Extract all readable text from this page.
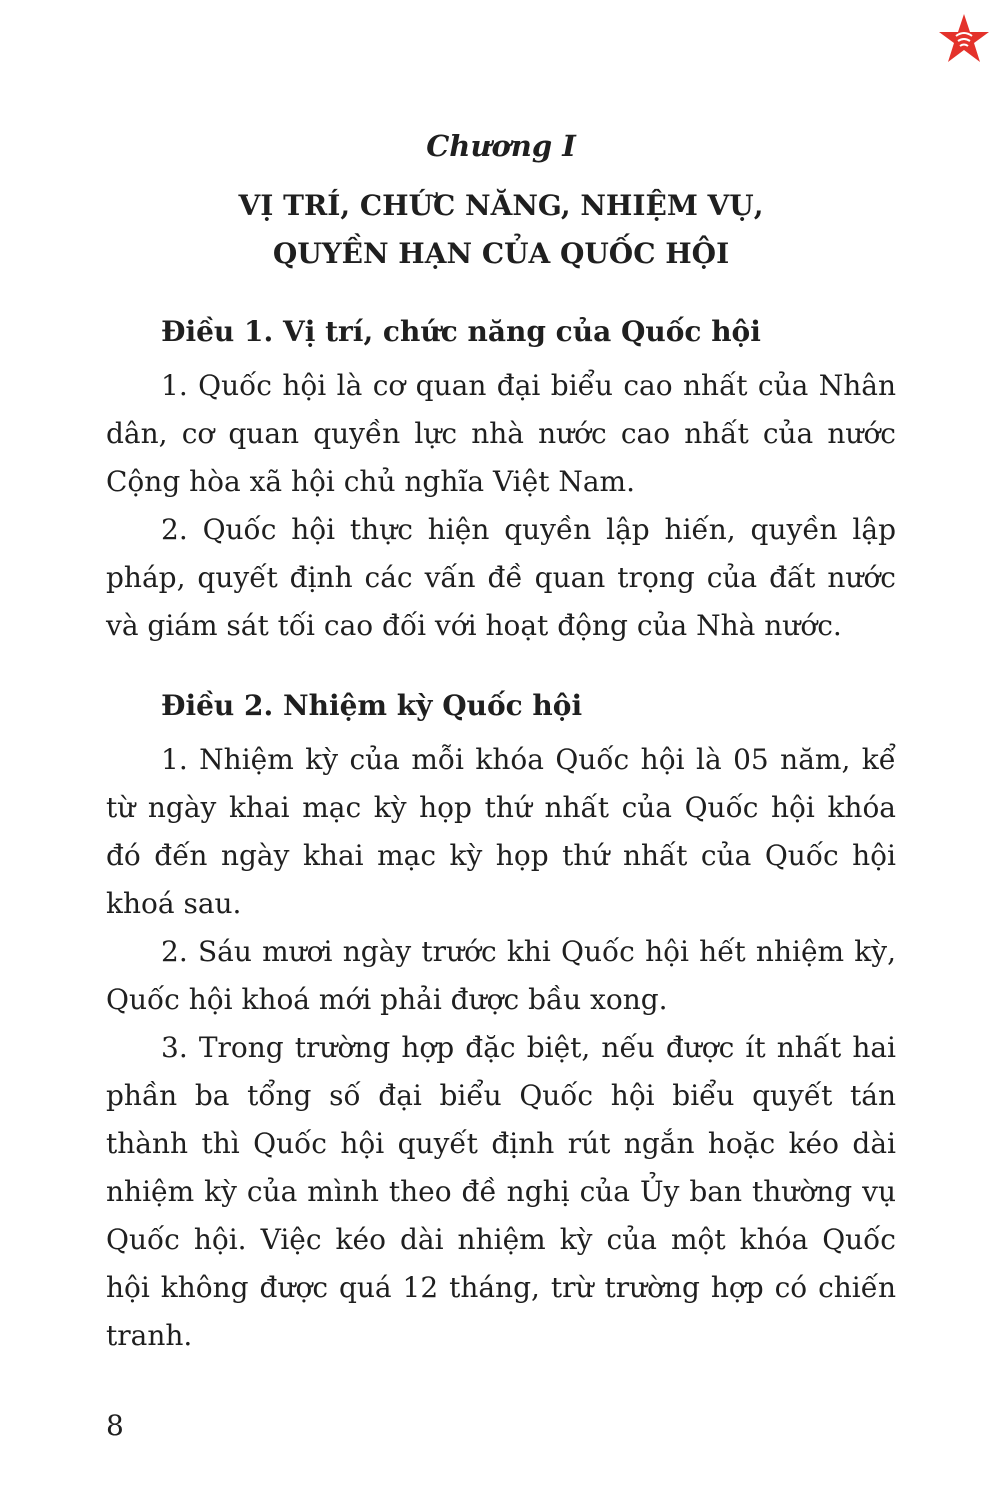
Chương I
VỊ TRÍ, CHỨC NĂNG, NHIỆM VỤ,
QUYỀN HẠN CỦA QUỐC HỘI
Điều 1. Vị trí, chức năng của Quốc hội

1. Quốc hội là cơ quan đại biểu cao nhất của Nhân dân, cơ quan quyền lực nhà nước cao nhất của nước Cộng hòa xã hội chủ nghĩa Việt Nam.

2. Quốc hội thực hiện quyền lập hiến, quyền lập pháp, quyết định các vấn đề quan trọng của đất nước và giám sát tối cao đối với hoạt động của Nhà nước.

Điều 2. Nhiệm kỳ Quốc hội

1. Nhiệm kỳ của mỗi khóa Quốc hội là 05 năm, kể từ ngày khai mạc kỳ họp thứ nhất của Quốc hội khóa đó đến ngày khai mạc kỳ họp thứ nhất của Quốc hội khoá sau.

2. Sáu mươi ngày trước khi Quốc hội hết nhiệm kỳ, Quốc hội khoá mới phải được bầu xong.

3. Trong trường hợp đặc biệt, nếu được ít nhất hai phần ba tổng số đại biểu Quốc hội biểu quyết tán thành thì Quốc hội quyết định rút ngắn hoặc kéo dài nhiệm kỳ của mình theo đề nghị của Ủy ban thường vụ Quốc hội. Việc kéo dài nhiệm kỳ của một khóa Quốc hội không được quá 12 tháng, trừ trường hợp có chiến tranh.

8
